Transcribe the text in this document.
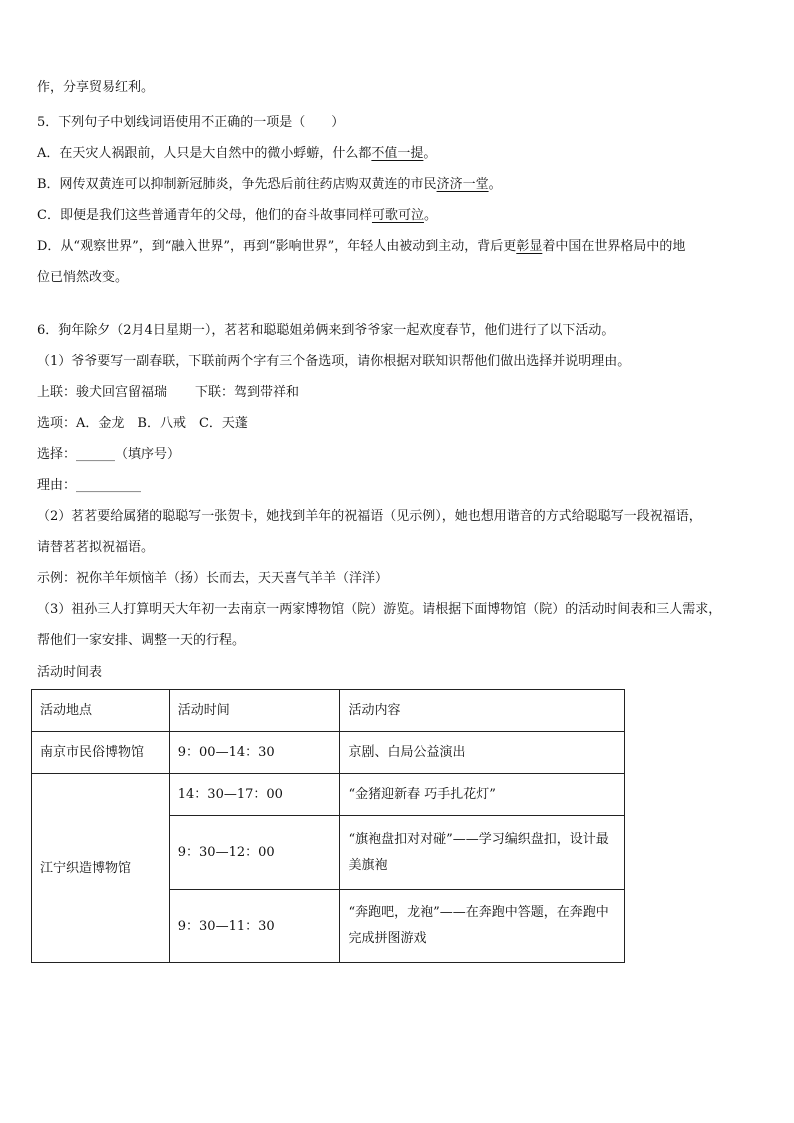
作，分享贸易红利。
5．下列句子中划线词语使用不正确的一项是（　　）
A．在天灾人祸跟前，人只是大自然中的微小蜉蝣，什么都不值一提。
B．网传双黄连可以抑制新冠肺炎，争先恐后前往药店购双黄连的市民济济一堂。
C．即便是我们这些普通青年的父母，他们的奋斗故事同样可歌可泣。
D．从“观察世界”，到“融入世界”，再到“影响世界”，年轻人由被动到主动，背后更彰显着中国在世界格局中的地
位已悄然改变。
6．狗年除夕（2月4日星期一），茗茗和聪聪姐弟俩来到爷爷家一起欢度春节，他们进行了以下活动。
（1）爷爷要写一副春联，下联前两个字有三个备选项，请你根据对联知识帮他们做出选择并说明理由。
上联：骏犬回宫留福瑞 下联：驾到带祥和
选项：A．金龙　B．八戒　C．天蓬
选择：______（填序号）
理由：__________
（2）茗茗要给属猪的聪聪写一张贺卡，她找到羊年的祝福语（见示例），她也想用谐音的方式给聪聪写一段祝福语，
请替茗茗拟祝福语。
示例：祝你羊年烦恼羊（扬）长而去，天天喜气羊羊（洋洋）
（3）祖孙三人打算明天大年初一去南京一两家博物馆（院）游览。请根据下面博物馆（院）的活动时间表和三人需求，
帮他们一家安排、调整一天的行程。
活动时间表
活动地点	活动时间	活动内容
南京市民俗博物馆	9：00—14：30	京剧、白局公益演出
江宁织造博物馆	14：30—17：00	“金猪迎新春 巧手扎花灯”
	9：30—12：00	“旗袍盘扣对对碰”——学习编织盘扣，设计最美旗袍
	9：30—11：30	“奔跑吧，龙袍”——在奔跑中答题，在奔跑中完成拼图游戏
